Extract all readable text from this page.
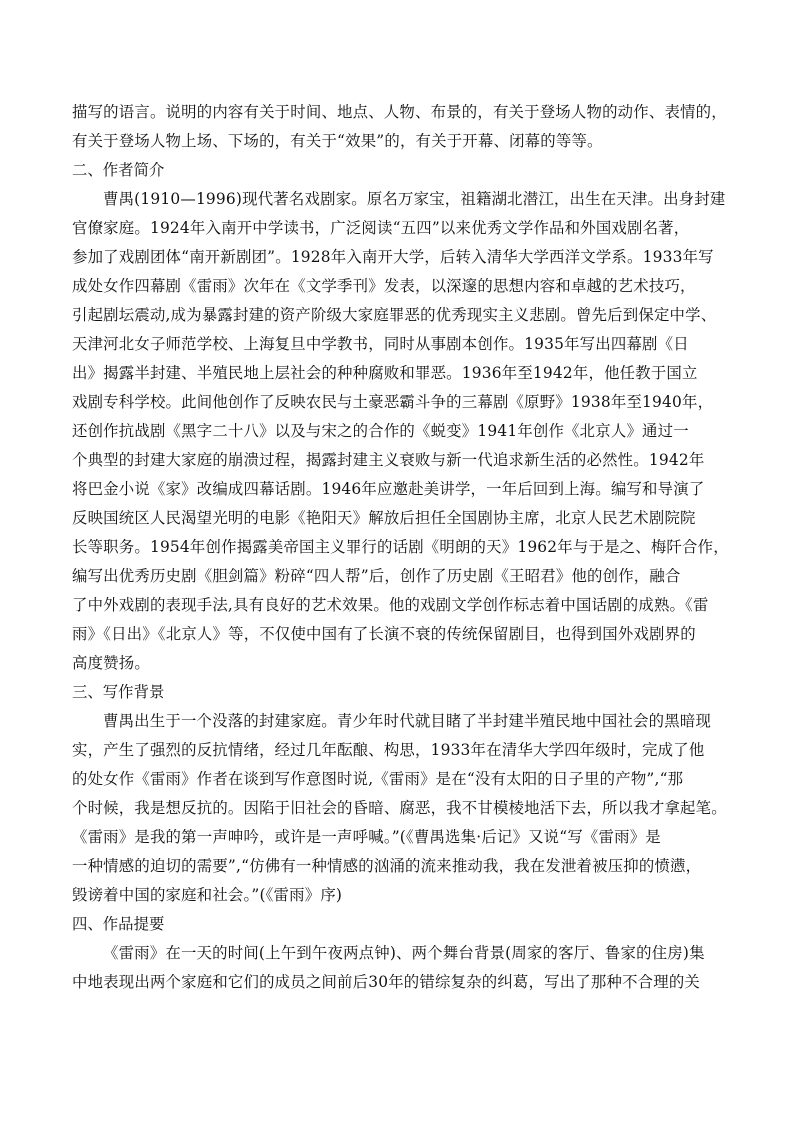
描写的语言。说明的内容有关于时间、地点、人物、布景的，有关于登场人物的动作、表情的，
有关于登场人物上场、下场的，有关于“效果”的，有关于开幕、闭幕的等等。
二、作者简介
曹禺(1910—1996)现代著名戏剧家。原名万家宝，祖籍湖北潜江，出生在天津。出身封建
官僚家庭。1924年入南开中学读书，广泛阅读“五四”以来优秀文学作品和外国戏剧名著，
参加了戏剧团体“南开新剧团”。1928年入南开大学，后转入清华大学西洋文学系。1933年写
成处女作四幕剧《雷雨》次年在《文学季刊》发表，以深邃的思想内容和卓越的艺术技巧，
引起剧坛震动,成为暴露封建的资产阶级大家庭罪恶的优秀现实主义悲剧。曾先后到保定中学、
天津河北女子师范学校、上海复旦中学教书，同时从事剧本创作。1935年写出四幕剧《日
出》揭露半封建、半殖民地上层社会的种种腐败和罪恶。1936年至1942年，他任教于国立
戏剧专科学校。此间他创作了反映农民与土豪恶霸斗争的三幕剧《原野》1938年至1940年，
还创作抗战剧《黑字二十八》以及与宋之的合作的《蜕变》1941年创作《北京人》通过一
个典型的封建大家庭的崩溃过程，揭露封建主义衰败与新一代追求新生活的必然性。1942年
将巴金小说《家》改编成四幕话剧。1946年应邀赴美讲学，一年后回到上海。编写和导演了
反映国统区人民渴望光明的电影《艳阳天》解放后担任全国剧协主席，北京人民艺术剧院院
长等职务。1954年创作揭露美帝国主义罪行的话剧《明朗的天》1962年与于是之、梅阡合作，
编写出优秀历史剧《胆剑篇》粉碎“四人帮”后，创作了历史剧《王昭君》他的创作，融合
了中外戏剧的表现手法,具有良好的艺术效果。他的戏剧文学创作标志着中国话剧的成熟。《雷
雨》《日出》《北京人》等，不仅使中国有了长演不衰的传统保留剧目，也得到国外戏剧界的
高度赞扬。
三、写作背景
曹禺出生于一个没落的封建家庭。青少年时代就目睹了半封建半殖民地中国社会的黑暗现
实，产生了强烈的反抗情绪，经过几年酝酿、构思，1933年在清华大学四年级时，完成了他
的处女作《雷雨》作者在谈到写作意图时说,《雷雨》是在“没有太阳的日子里的产物”,“那
个时候，我是想反抗的。因陷于旧社会的昏暗、腐恶，我不甘模棱地活下去，所以我才拿起笔。
《雷雨》是我的第一声呻吟，或许是一声呼喊。”(《曹禺选集·后记》又说“写《雷雨》是
一种情感的迫切的需要”,“仿佛有一种情感的汹涌的流来推动我，我在发泄着被压抑的愤懑，
毁谤着中国的家庭和社会。”(《雷雨》序)
四、作品提要
《雷雨》在一天的时间(上午到午夜两点钟)、两个舞台背景(周家的客厅、鲁家的住房)集
中地表现出两个家庭和它们的成员之间前后30年的错综复杂的纠葛，写出了那种不合理的关
